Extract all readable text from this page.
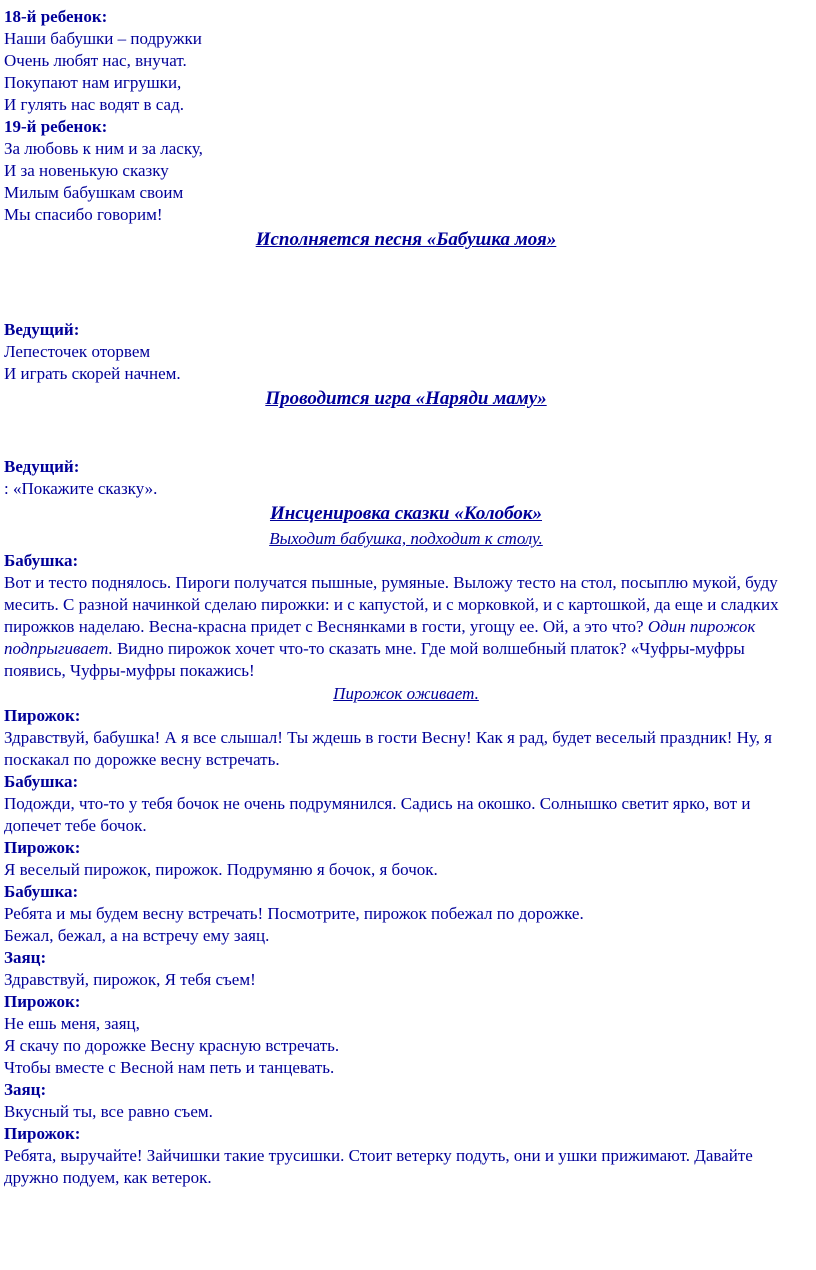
18-й ребенок:

Наши бабушки – подружки

Очень любят нас, внучат.

Покупают нам игрушки,

И гулять нас водят в сад.

19-й ребенок:

За любовь к ним и за ласку,

И за новенькую сказку

Милым бабушкам своим

Мы спасибо говорим!

Исполняется песня «Бабушка моя»

Ведущий:

Лепесточек оторвем

И играть скорей начнем.

Проводится игра «Наряди маму»

Ведущий:

: «Покажите сказку».

Инсценировка сказки «Колобок»

Выходит бабушка, подходит к столу.

Бабушка:

Вот и тесто поднялось. Пироги получатся пышные, румяные. Выложу тесто на стол, посыплю мукой, буду месить. С разной начинкой сделаю пирожки: и с капустой, и с морковкой, и с картошкой, да еще и сладких пирожков наделаю. Весна-красна придет с Веснянками в гости, угощу ее. Ой, а это что? Один пирожок подпрыгивает. Видно пирожок хочет что-то сказать мне. Где мой волшебный платок? «Чуфры-муфры появись, Чуфры-муфры покажись!

Пирожок оживает.

Пирожок:

Здравствуй, бабушка! А я все слышал! Ты ждешь в гости Весну! Как я рад, будет веселый праздник! Ну, я поскакал по дорожке весну встречать.

Бабушка:

Подожди, что-то у тебя бочок не очень подрумянился. Садись на окошко. Солнышко светит ярко, вот и допечет тебе бочок.

Пирожок:

Я веселый пирожок, пирожок. Подрумяню я бочок, я бочок.

Бабушка:

Ребята и мы будем весну встречать! Посмотрите, пирожок побежал по дорожке.

Бежал, бежал, а на встречу ему заяц.

Заяц:

Здравствуй, пирожок, Я тебя съем!

Пирожок:

Не ешь меня, заяц,

Я скачу по дорожке Весну красную встречать.

Чтобы вместе с Весной нам петь и танцевать.

Заяц:

Вкусный ты, все равно съем.

Пирожок:

Ребята, выручайте! Зайчишки такие трусишки. Стоит ветерку подуть, они и ушки прижимают. Давайте дружно подуем, как ветерок.
